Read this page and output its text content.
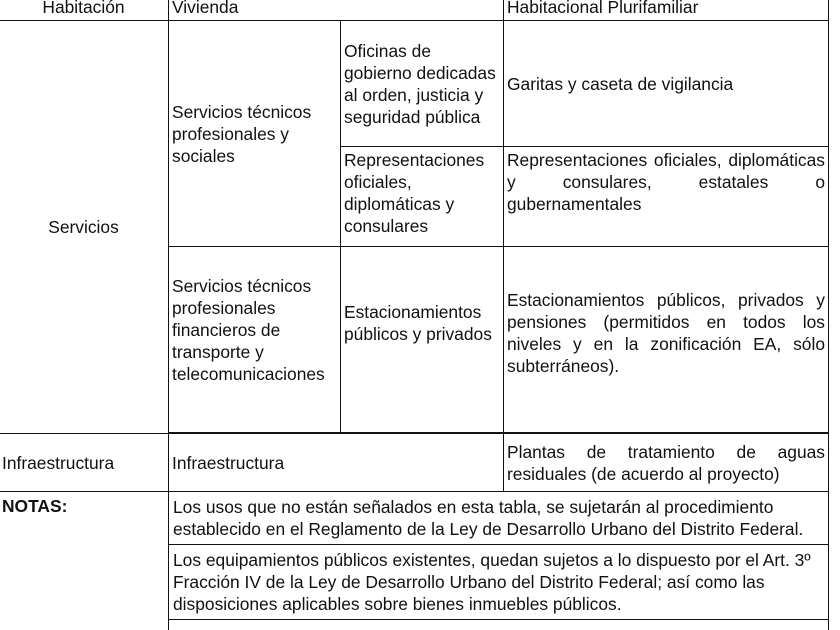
Habitación	Vivienda		Habitacional Plurifamiliar
Servicios	Servicios técnicos profesionales y sociales	Oficinas de gobierno dedicadas al orden, justicia y seguridad pública	Garitas y caseta de vigilancia
		Representaciones oficiales, diplomáticas y consulares	Representaciones oficiales, diplomáticas y consulares, estatales o gubernamentales
	Servicios técnicos profesionales financieros de transporte y telecomunicaciones	Estacionamientos públicos y privados	Estacionamientos públicos, privados y pensiones (permitidos en todos los niveles y en la zonificación EA, sólo subterráneos).

Infraestructura	Infraestructura		Plantas de tratamiento de aguas residuales (de acuerdo al proyecto)
NOTAS:	Los usos que no están señalados en esta tabla, se sujetarán al procedimiento establecido en el Reglamento de la Ley de Desarrollo Urbano del Distrito Federal.		
	Los equipamientos públicos existentes, quedan sujetos a lo dispuesto por el Art. 3º Fracción IV de la Ley de Desarrollo Urbano del Distrito Federal; así como las disposiciones aplicables sobre bienes inmuebles públicos.		
